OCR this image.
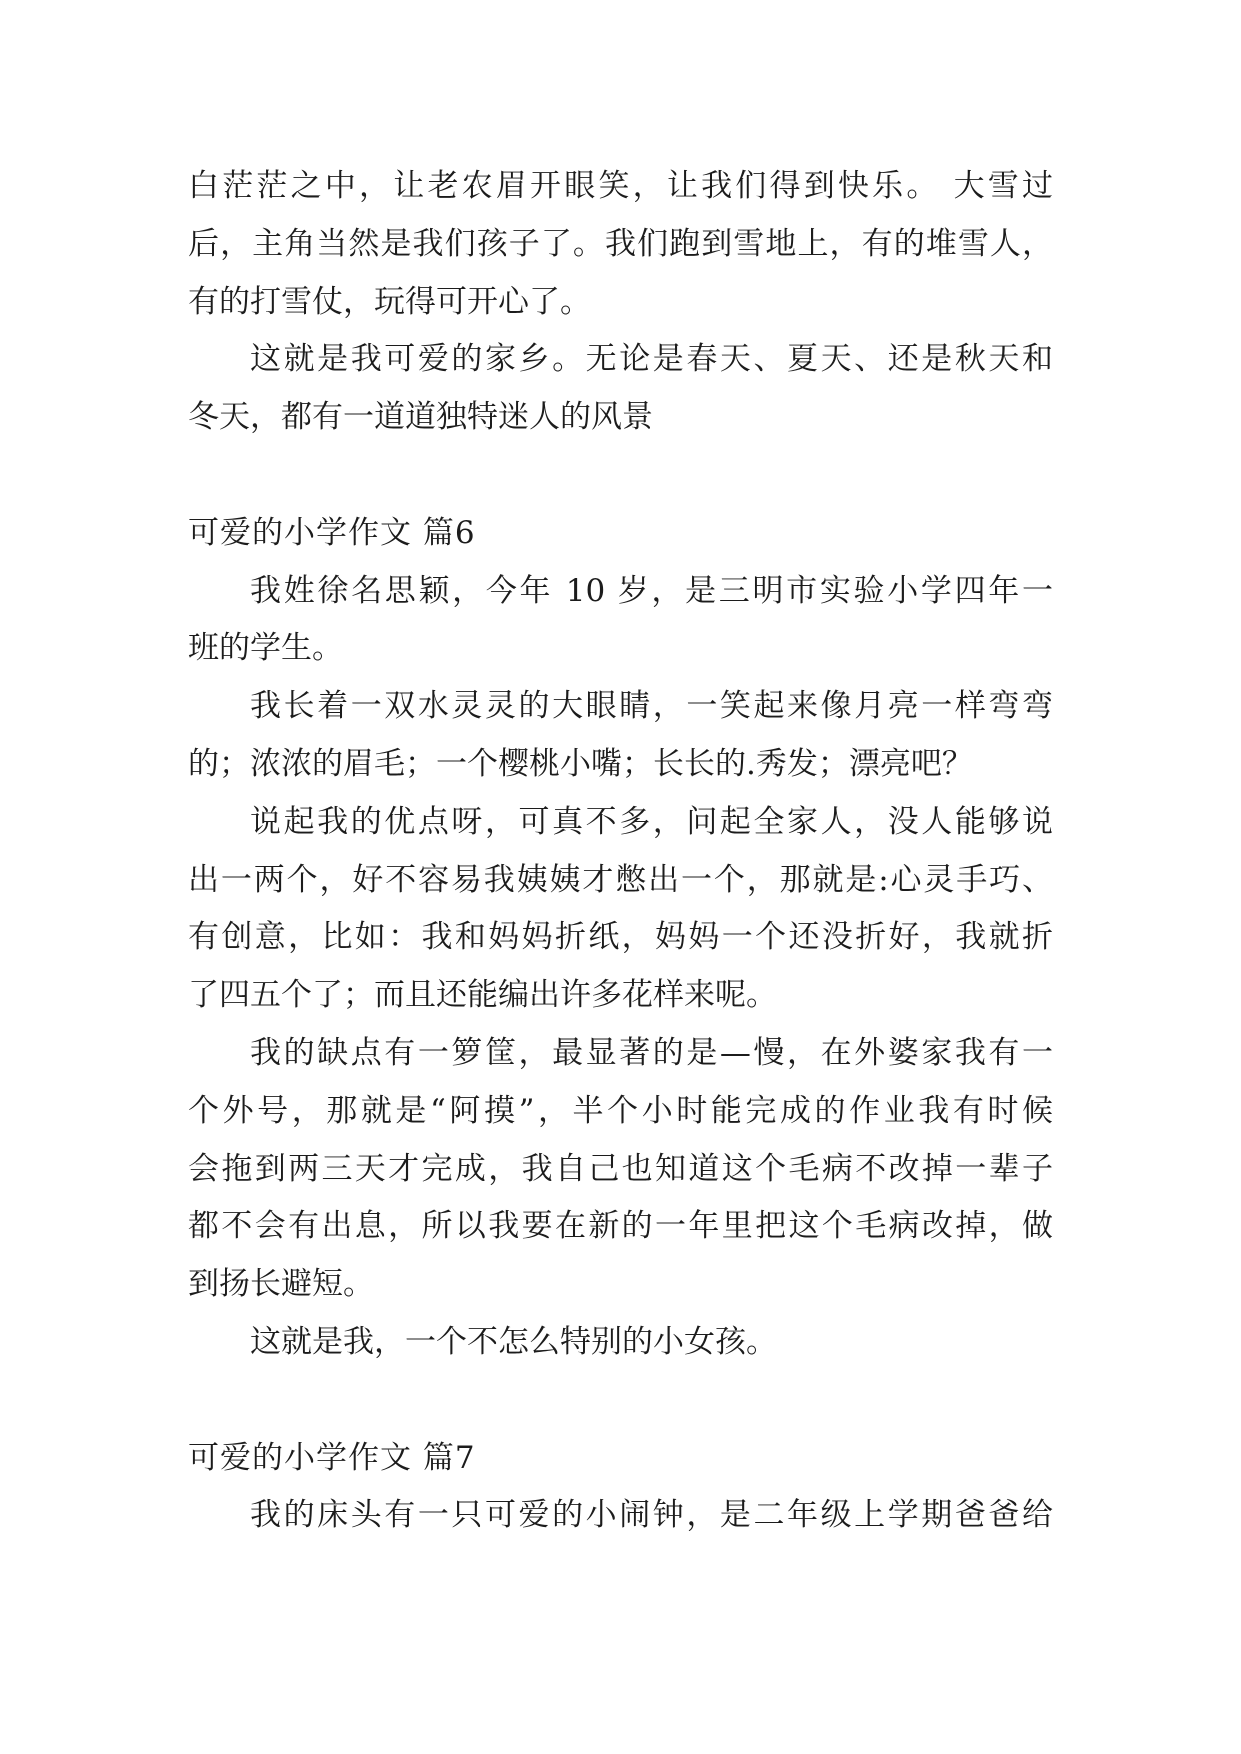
白茫茫之中，让老农眉开眼笑，让我们得到快乐。 大雪过
后，主角当然是我们孩子了。我们跑到雪地上，有的堆雪人，
有的打雪仗，玩得可开心了。
这就是我可爱的家乡。无论是春天、夏天、还是秋天和
冬天，都有一道道独特迷人的风景
可爱的小学作文 篇6
我姓徐名思颖，今年 10 岁，是三明市实验小学四年一
班的学生。
我长着一双水灵灵的大眼睛，一笑起来像月亮一样弯弯
的；浓浓的眉毛；一个樱桃小嘴；长长的.秀发；漂亮吧？
说起我的优点呀，可真不多，问起全家人，没人能够说
出一两个，好不容易我姨姨才憋出一个，那就是:心灵手巧、
有创意，比如：我和妈妈折纸，妈妈一个还没折好，我就折
了四五个了；而且还能编出许多花样来呢。
我的缺点有一箩筐，最显著的是—慢，在外婆家我有一
个外号，那就是“阿摸”，半个小时能完成的作业我有时候
会拖到两三天才完成，我自己也知道这个毛病不改掉一辈子
都不会有出息，所以我要在新的一年里把这个毛病改掉，做
到扬长避短。
这就是我，一个不怎么特别的小女孩。
可爱的小学作文 篇7
我的床头有一只可爱的小闹钟，是二年级上学期爸爸给
